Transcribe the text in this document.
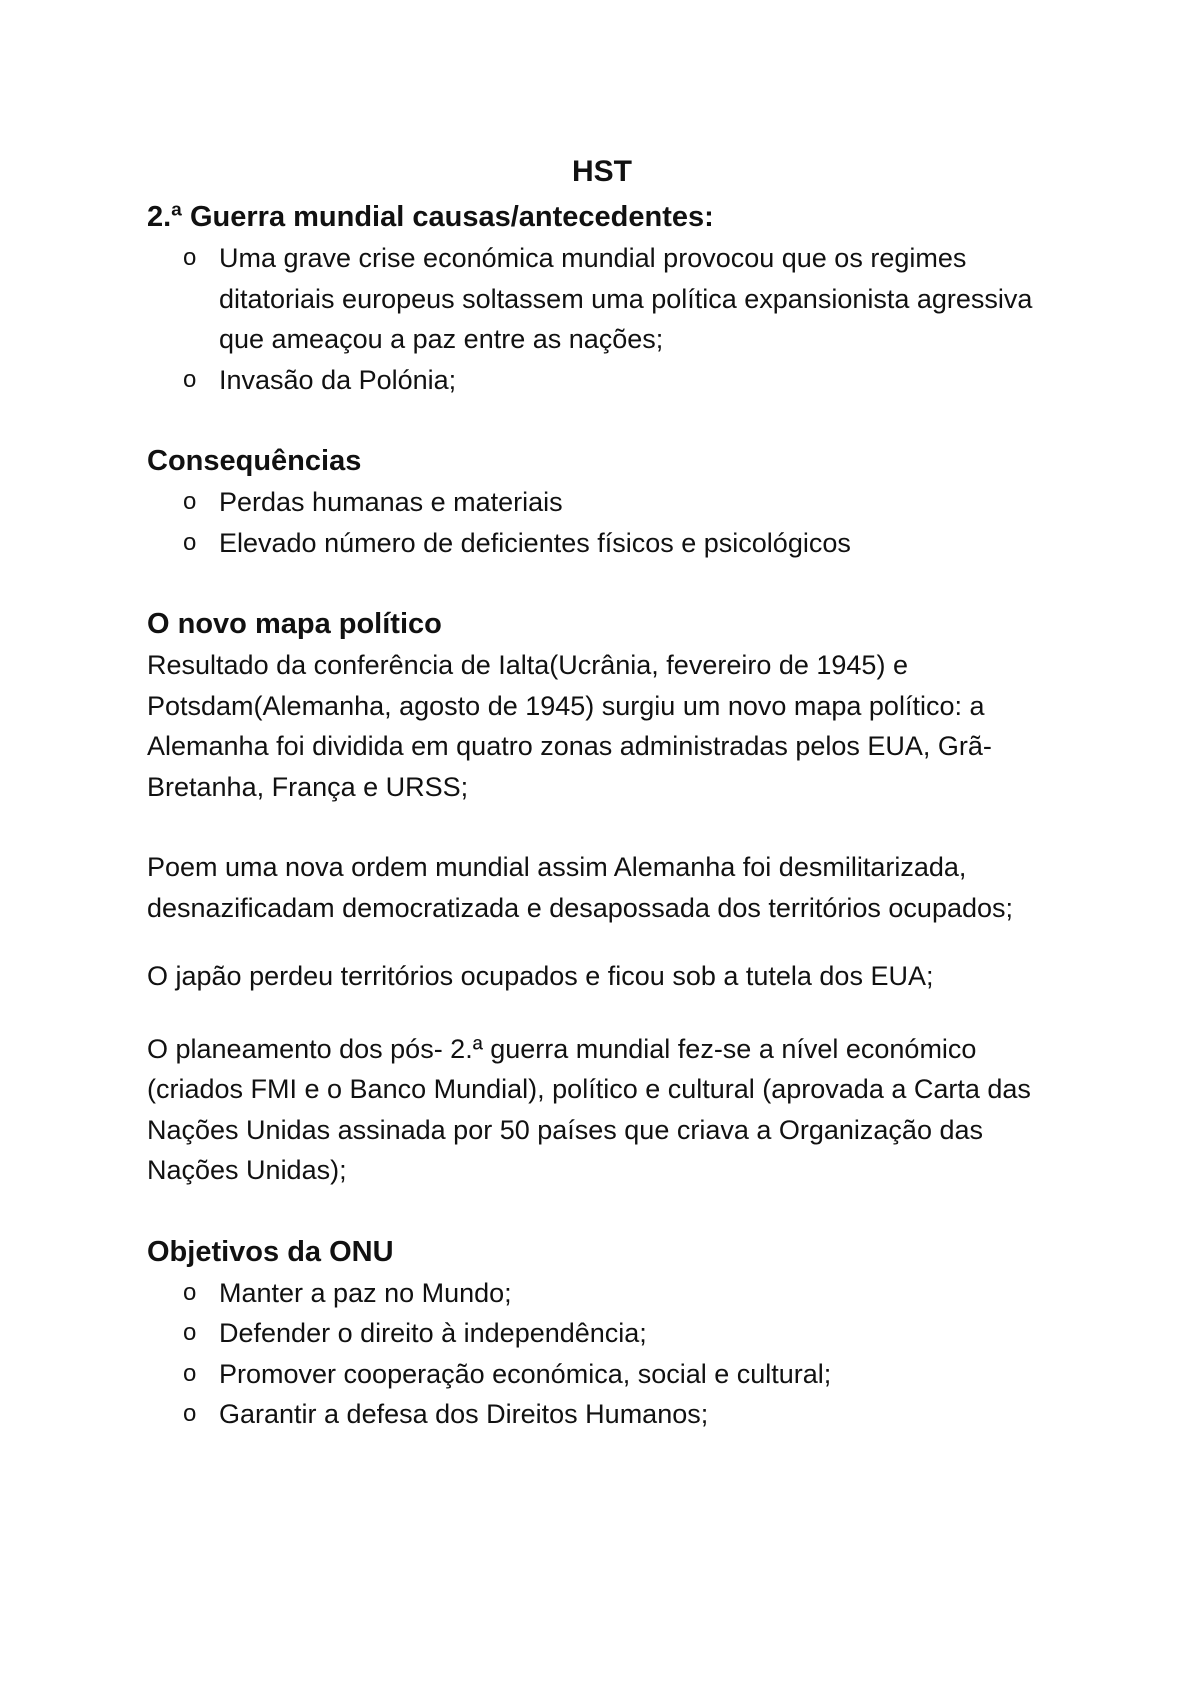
HST
2.ª Guerra mundial causas/antecedentes:
o Uma grave crise económica mundial provocou que os regimes ditatoriais europeus soltassem uma política expansionista agressiva que ameaçou a paz entre as nações;
o Invasão da Polónia;
Consequências
o Perdas humanas e materiais
o Elevado número de deficientes físicos e psicológicos
O novo mapa político

Resultado da conferência de Ialta(Ucrânia, fevereiro de 1945) e Potsdam(Alemanha, agosto de 1945) surgiu um novo mapa político: a Alemanha foi dividida em quatro zonas administradas pelos EUA, Grã-Bretanha, França e URSS;

Poem uma nova ordem mundial assim Alemanha foi desmilitarizada, desnazificadam democratizada e desapossada dos territórios ocupados;

O japão perdeu territórios ocupados e ficou sob a tutela dos EUA;

O planeamento dos pós- 2.ª guerra mundial fez-se a nível económico (criados FMI e o Banco Mundial), político e cultural (aprovada a Carta das Nações Unidas assinada por 50 países que criava a Organização das Nações Unidas);

Objetivos da ONU
o Manter a paz no Mundo;
o Defender o direito à independência;
o Promover cooperação económica, social e cultural;
o Garantir a defesa dos Direitos Humanos;
